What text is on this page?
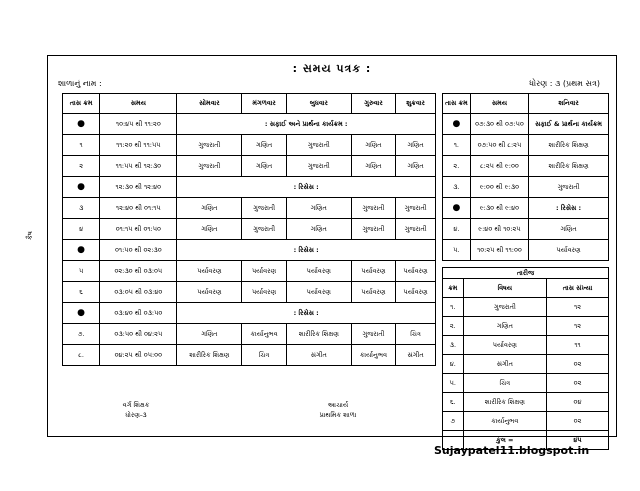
કૈષ
: સમય પત્રક :
શાળાનું નામ :	ધોરણ : ૩ (પ્રથમ સત્ર)
તાસ ક્રમ	સમય	સોમવાર	મંગળવાર	બુધવાર	ગુરુવાર	શુક્રવાર
●	૧૦:૪૫ થી ૧૧:૨૦	: સફાઈ અને પ્રાર્થના કાર્યક્રમ :				
૧	૧૧:૨૦ થી ૧૧:૫૫	ગુજરાતી	ગણિત	ગુજરાતી	ગણિત	ગણિત
૨	૧૧:૫૫ થી ૧૨:૩૦	ગુજરાતી	ગણિત	ગુજરાતી	ગણિત	ગણિત
●	૧૨:૩૦ થી ૧૨:૪૦	: રિસેસ :				
૩	૧૨:૪૦ થી ૦૧:૧૫	ગણિત	ગુજરાતી	ગણિત	ગુજરાતી	ગુજરાતી
૪	૦૧:૧૫ થી ૦૧:૫૦	ગણિત	ગુજરાતી	ગણિત	ગુજરાતી	ગુજરાતી
●	૦૧:૫૦ થી ૦૨:૩૦	: રિસેસ :				
૫	૦૨:૩૦ થી ૦૩:૦૫	પર્યાવરણ	પર્યાવરણ	પર્યાવરણ	પર્યાવરણ	પર્યાવરણ
૬	૦૩:૦૫ થી ૦૩:૪૦	પર્યાવરણ	પર્યાવરણ	પર્યાવરણ	પર્યાવરણ	પર્યાવરણ
●	૦૩:૪૦ થી ૦૩:૫૦	: રિસેસ :				
૭.	૦૩:૫૦ થી ૦૪:૨૫	ગણિત	કાર્યાનુભવ	શારીરિક શિક્ષણ	ગુજરાતી	ચિત્ર
૮.	૦૪:૨૫ થી ૦૫:૦૦	શારીરિક શિક્ષણ	ચિત્ર	સંગીત	કાર્યાનુભવ	સંગીત
તાસ ક્રમ	સમય	શનિવાર
●	૦૭:૩૦ થી ૦૭:૫૦	સફાઈ & પ્રાર્થના કાર્યક્રમ
૧.	૦૭:૫૦ થી ૮:૨૫	શારીરિક શિક્ષણ
૨.	૮:૨૫ થી ૯:૦૦	શારીરિક શિક્ષણ
૩.	૯:૦૦ થી ૯:૩૦	ગુજરાતી
●	૯:૩૦ થી ૯:૪૦	: રિસેસ :
૪.	૯:૪૦ થી ૧૦:૨૫	ગણિત
૫.	૧૦:૨૫ થી ૧૧:૦૦	પર્યાવરણ
તારીજ		
ક્રમ	વિષય	તાસ સંખ્યા
૧.	ગુજરાતી	૧૨
૨.	ગણિત	૧૨
૩.	પર્યાવરણ	૧૧
૪.	સંગીત	૦૨
૫.	ચિત્ર	૦૨
૬.	શારીરિક શિક્ષણ	૦૪
૭	કાર્યાનુભવ	૦૨
	કુલ =	૪૫
વર્ગ શિક્ષક
ધોરણ-૩
આચાર્ય
પ્રાથમિક શાળા
Sujaypatel11.blogspot.in
